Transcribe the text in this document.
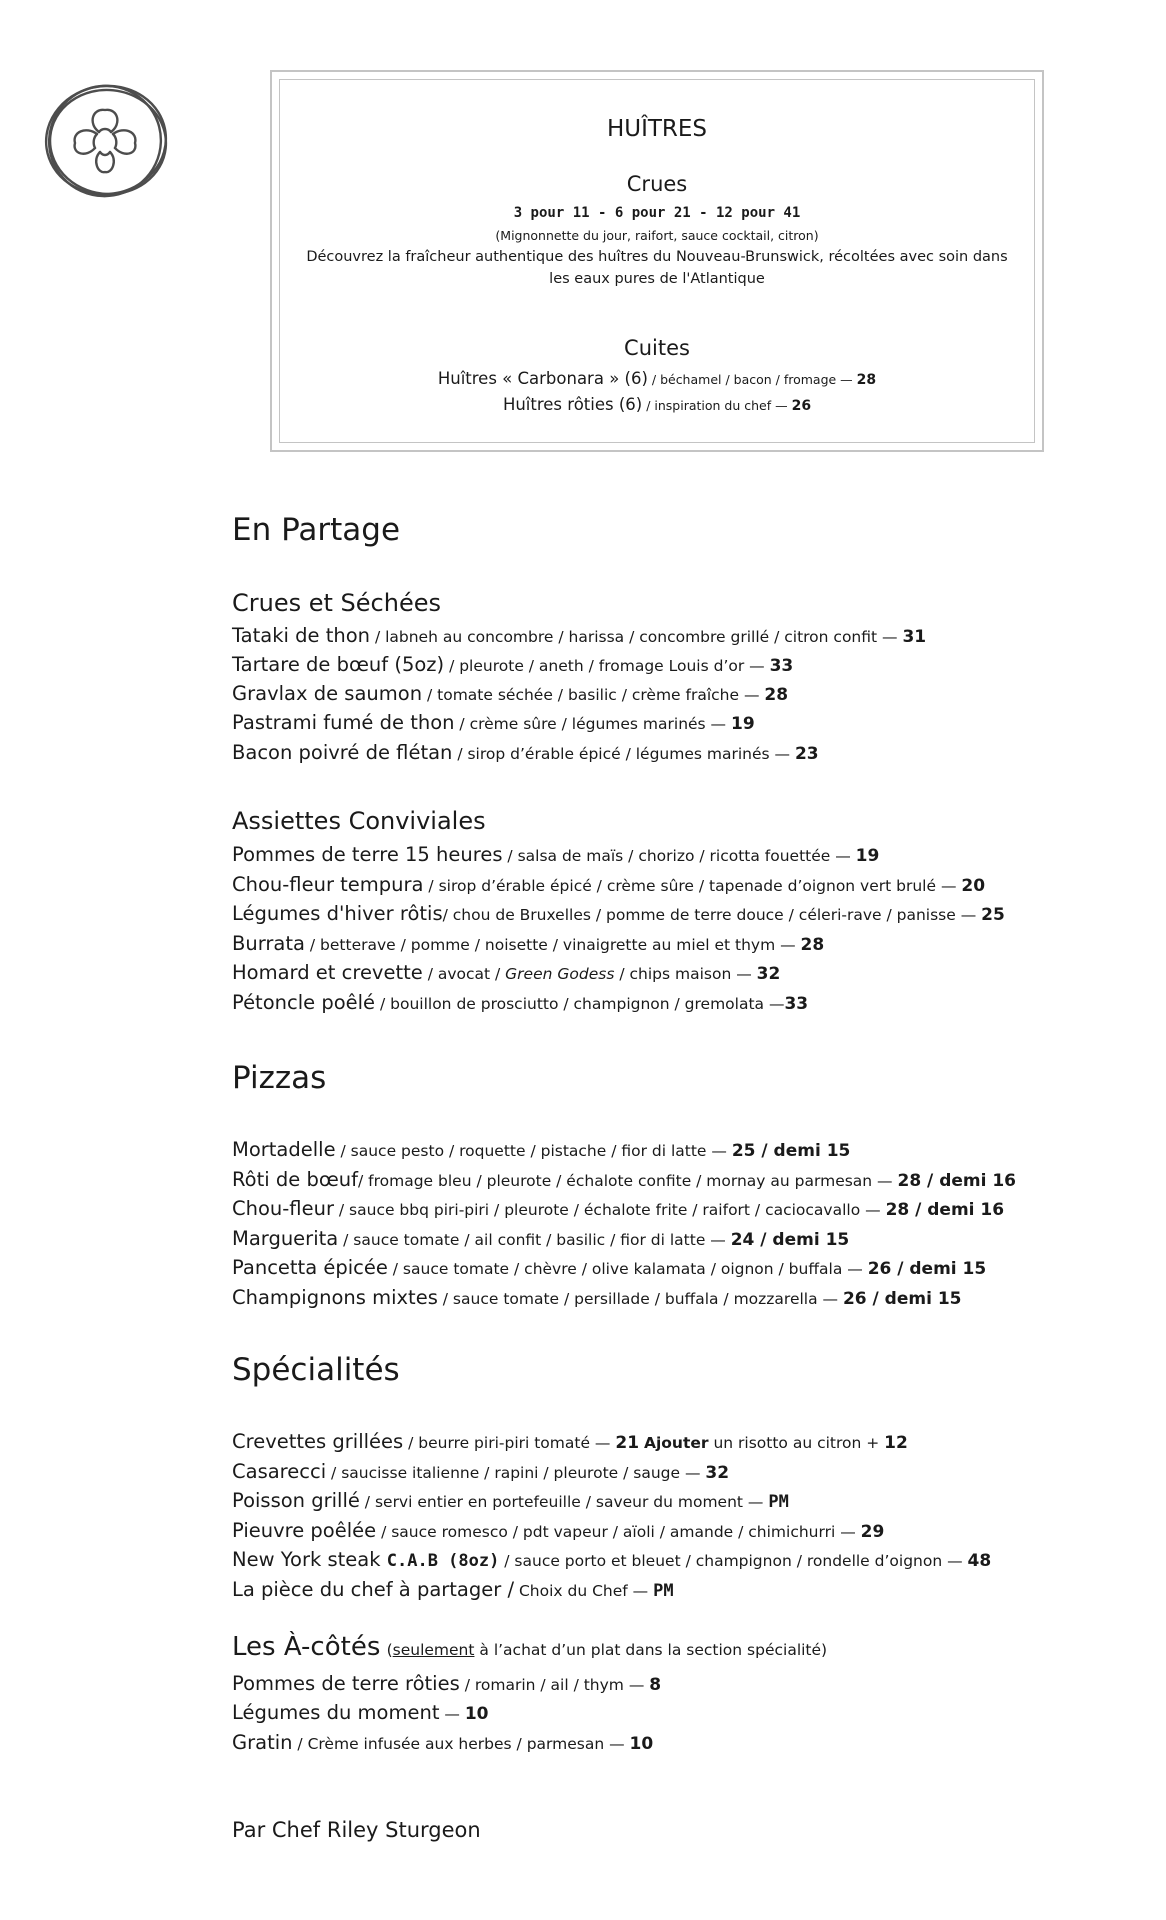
HUÎTRES
Crues
3 pour 11 - 6 pour 21 - 12 pour 41
(Mignonnette du jour, raifort, sauce cocktail, citron)
Découvrez la fraîcheur authentique des huîtres du Nouveau-Brunswick, récoltées avec soin dans
les eaux pures de l'Atlantique
Cuites
Huîtres « Carbonara » (6) / béchamel / bacon / fromage — 28
Huîtres rôties (6) / inspiration du chef — 26
En Partage
Crues et Séchées
Tataki de thon / labneh au concombre / harissa / concombre grillé / citron confit — 31
Tartare de bœuf (5oz) / pleurote / aneth / fromage Louis d’or — 33
Gravlax de saumon / tomate séchée / basilic / crème fraîche — 28
Pastrami fumé de thon / crème sûre / légumes marinés — 19
Bacon poivré de flétan / sirop d’érable épicé / légumes marinés — 23
Assiettes Conviviales
Pommes de terre 15 heures / salsa de maïs / chorizo / ricotta fouettée — 19
Chou-fleur tempura / sirop d’érable épicé / crème sûre / tapenade d’oignon vert brulé — 20
Légumes d'hiver rôtis/ chou de Bruxelles / pomme de terre douce / céleri-rave / panisse — 25
Burrata / betterave / pomme / noisette / vinaigrette au miel et thym — 28
Homard et crevette / avocat / Green Godess / chips maison — 32
Pétoncle poêlé / bouillon de prosciutto / champignon / gremolata —33
Pizzas
Mortadelle / sauce pesto / roquette / pistache / fior di latte — 25 / demi 15
Rôti de bœuf/ fromage bleu / pleurote / échalote confite / mornay au parmesan — 28 / demi 16
Chou-fleur / sauce bbq piri-piri / pleurote / échalote frite / raifort / caciocavallo — 28 / demi 16
Marguerita / sauce tomate / ail confit / basilic / fior di latte — 24 / demi 15
Pancetta épicée / sauce tomate / chèvre / olive kalamata / oignon / buffala — 26 / demi 15
Champignons mixtes / sauce tomate / persillade / buffala / mozzarella — 26 / demi 15
Spécialités
Crevettes grillées / beurre piri-piri tomaté — 21 Ajouter un risotto au citron + 12
Casarecci / saucisse italienne / rapini / pleurote / sauge — 32
Poisson grillé / servi entier en portefeuille / saveur du moment — PM
Pieuvre poêlée / sauce romesco / pdt vapeur / aïoli / amande / chimichurri — 29
New York steak C.A.B (8oz) / sauce porto et bleuet / champignon / rondelle d’oignon — 48
La pièce du chef à partager / Choix du Chef — PM
Les À-côtés (seulement à l’achat d’un plat dans la section spécialité)
Pommes de terre rôties / romarin / ail / thym — 8
Légumes du moment — 10
Gratin / Crème infusée aux herbes / parmesan — 10
Par Chef Riley Sturgeon
